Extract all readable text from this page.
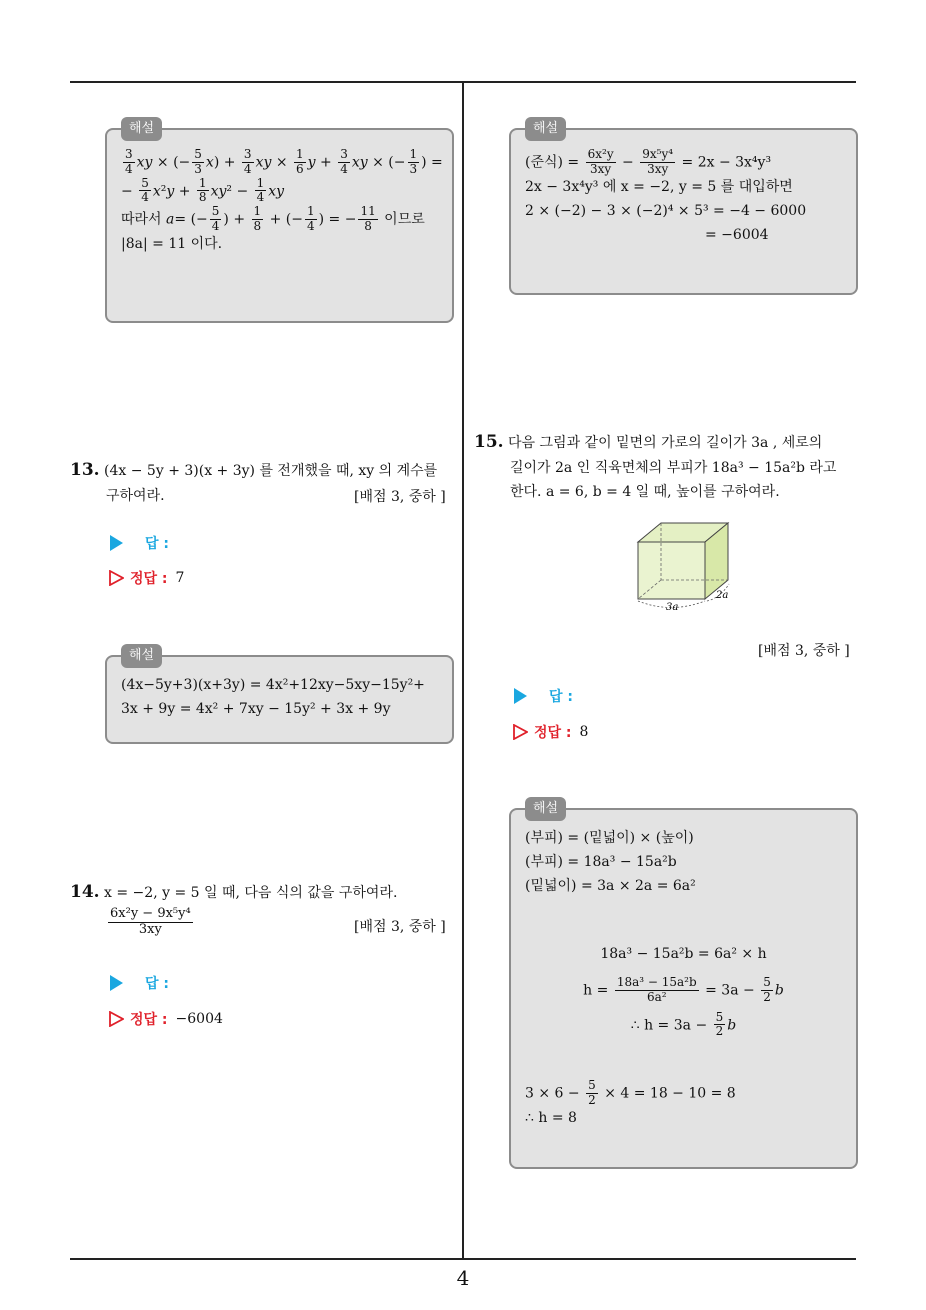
4
해설
$\frac{3}{4}$ xy × (− $\frac{5}{3} x) + \frac{3}{4}$ xy × $\frac{1}{6}$ $y + \frac{3}{4}$ xy × (− $\frac{1}{3}$ ) =
− $\frac{5}{4} x^2y + \frac{1}{8} xy^2 - \frac{1}{4}$ xy
따라서 a= (− $\frac{5}{4}$ ) + $\frac{1}{8}$ + (− $\frac{1}{4}$ ) = − $\frac{11}{8}$ 이므로
|8a| = 11 이다.
13. (4x − 5y + 3)(x + 3y) 를 전개했을 때, xy 의 계수를
구하여라.	[배점 3, 중하 ]
답 :
정답 : 7
해설
(4x−5y+3)(x+3y) = 4x²+12xy−5xy−15y²+
3x + 9y = 4x² + 7xy − 15y² + 3x + 9y
14. x = −2, y = 5 일 때, 다음 식의 값을 구하여라.
$\frac{\text{6x²y − 9x⁵y⁴}}{3xy}$	[배점 3, 중하 ]
답 :
정답 : −6004
해설
(준식) = $\frac{\text{6x²y}}{3xy} - \frac{\text{9x⁵y⁴}}{3xy} = 2x - 3x^4y^3$
2x − 3x⁴y³ 에 x = −2, y = 5 를 대입하면
2 × (−2) − 3 × (−2)⁴ × 5³ = −4 − 6000
= −6004
15. 다음 그림과 같이 밑면의 가로의 길이가 3a , 세로의
길이가 2a 인 직육면체의 부피가 18a³ − 15a²b 라고
한다. a = 6, b = 4 일 때, 높이를 구하여라.
3a
2a
[배점 3, 중하 ]
답 :
정답 : 8
해설
(부피) = (밑넓이) × (높이)
(부피) = 18a³ − 15a²b
(밑넓이) = 3a × 2a = 6a²
18a³ − 15a²b = 6a² × h
$h = \frac{\text{18a³ − 15a²b}}{\text{6a²}} = 3a - \frac{5}{2}$ b
∴ $h = 3a - \frac{5}{2}$ b
$3 \times 6 - \frac{5}{2} \times 4 = 18 - 10 = 8$
∴ h = 8
